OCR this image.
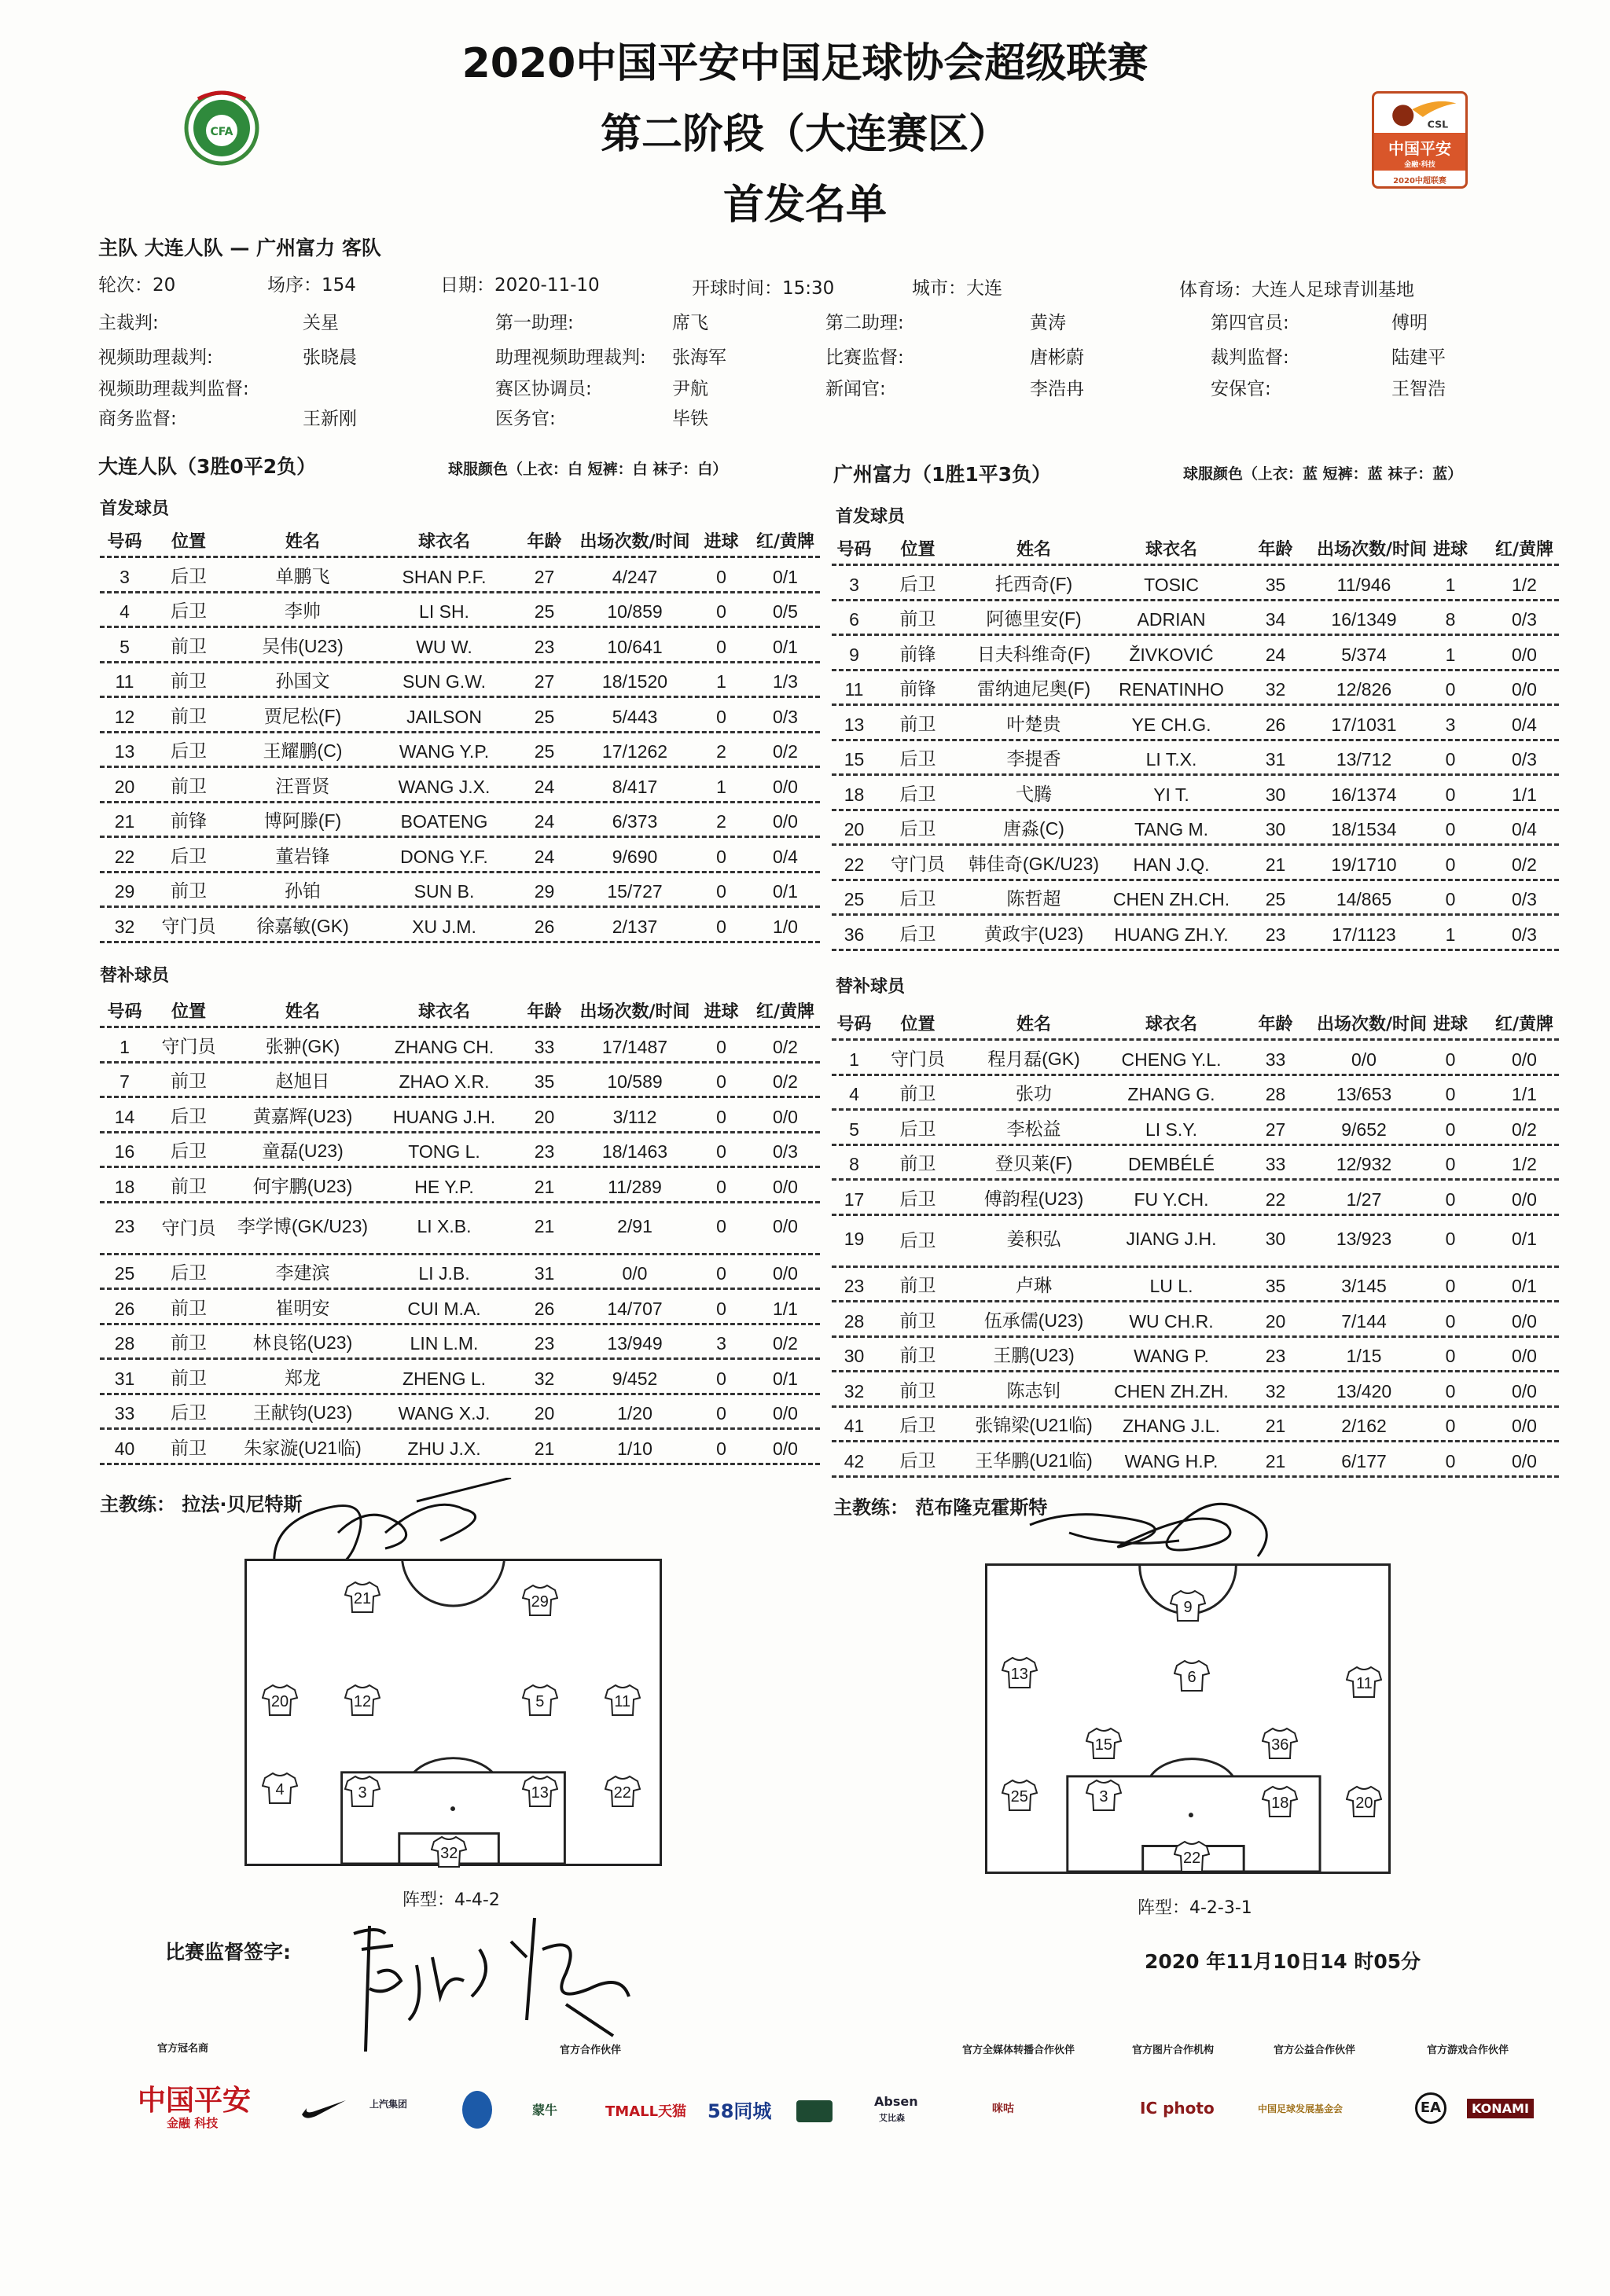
CFA
2020中国平安中国足球协会超级联赛
第二阶段（大连赛区）
首发名单
CSL
中国平安
金融·科技
2020中超联赛
主队 大连人队 — 广州富力 客队
轮次：20	场序：154	日期：2020-11-10	开球时间：15:30	城市：大连	体育场：大连人足球青训基地
主裁判:	关星	第一助理:	席飞	第二助理:	黄涛	第四官员:	傅明
视频助理裁判:	张晓晨	助理视频助理裁判: 张海军	比赛监督:	唐彬蔚	裁判监督:	陆建平
视频助理裁判监督:	赛区协调员:	尹航	新闻官:	李浩冉	安保官:	王智浩
商务监督:	王新刚	医务官:	毕铁
大连人队（3胜0平2负）	球服颜色（上衣：白 短裤：白 袜子：白）	广州富力（1胜1平3负）	球服颜色（上衣：蓝 短裤：蓝 袜子：蓝）
首发球员	首发球员
号码	位置	姓名	球衣名	年龄	出场次数/时间 进球	红/黄牌
3	后卫	单鹏飞	SHAN P.F.	27	4/247	0	0/1
4	后卫	李帅	LI SH.	25	10/859	0	0/5
5	前卫	吴伟(U23)	WU W.	23	10/641	0	0/1
11	前卫	孙国文	SUN G.W.	27	18/1520	1	1/3
12	前卫	贾尼松(F)	JAILSON	25	5/443	0	0/3
13	后卫	王耀鹏(C)	WANG Y.P.	25	17/1262	2	0/2
20	前卫	汪晋贤	WANG J.X.	24	8/417	1	0/0
21	前锋	博阿滕(F)	BOATENG	24	6/373	2	0/0
22	后卫	董岩锋	DONG Y.F.	24	9/690	0	0/4
29	前卫	孙铂	SUN B.	29	15/727	0	0/1
32	守门员	徐嘉敏(GK)	XU J.M.	26	2/137	0	1/0
号码	位置	姓名	球衣名	年龄	出场次数/时间 进球	红/黄牌
3	后卫	托西奇(F)	TOSIC	35	11/946	1	1/2
6	前卫	阿德里安(F)	ADRIAN	34	16/1349	8	0/3
9	前锋	日夫科维奇(F)	ŽIVKOVIĆ	24	5/374	1	0/0
11	前锋	雷纳迪尼奥(F)	RENATINHO	32	12/826	0	0/0
13	前卫	叶楚贵	YE CH.G.	26	17/1031	3	0/4
15	后卫	李提香	LI T.X.	31	13/712	0	0/3
18	后卫	弋腾	YI T.	30	16/1374	0	1/1
20	后卫	唐淼(C)	TANG M.	30	18/1534	0	0/4
22	守门员	韩佳奇(GK/U23)	HAN J.Q.	21	19/1710	0	0/2
25	后卫	陈哲超	CHEN ZH.CH.	25	14/865	0	0/3
36	后卫	黄政宇(U23)	HUANG ZH.Y.	23	17/1123	1	0/3
替补球员
替补球员
号码	位置	姓名	球衣名	年龄	出场次数/时间 进球	红/黄牌
1	守门员	张翀(GK)	ZHANG CH.	33	17/1487	0	0/2
7	前卫	赵旭日	ZHAO X.R.	35	10/589	0	0/2
14	后卫	黄嘉辉(U23)	HUANG J.H.	20	3/112	0	0/0
16	后卫	童磊(U23)	TONG L.	23	18/1463	0	0/3
18	前卫	何宇鹏(U23)	HE Y.P.	21	11/289	0	0/0
23	守门员	李学博(GK/U23)	LI X.B.	21	2/91	0	0/0
25	后卫	李建滨	LI J.B.	31	0/0	0	0/0
26	前卫	崔明安	CUI M.A.	26	14/707	0	1/1
28	前卫	林良铭(U23)	LIN L.M.	23	13/949	3	0/2
31	前卫	郑龙	ZHENG L.	32	9/452	0	0/1
33	后卫	王献钧(U23)	WANG X.J.	20	1/20	0	0/0
40	前卫	朱家漩(U21临)	ZHU J.X.	21	1/10	0	0/0
号码	位置	姓名	球衣名	年龄	出场次数/时间 进球	红/黄牌
1	守门员	程月磊(GK)	CHENG Y.L.	33	0/0	0	0/0
4	前卫	张功	ZHANG G.	28	13/653	0	1/1
5	后卫	李松益	LI S.Y.	27	9/652	0	0/2
8	前卫	登贝莱(F)	DEMBÉLÉ	33	12/932	0	1/2
17	后卫	傅韵程(U23)	FU Y.CH.	22	1/27	0	0/0
19	后卫	姜积弘	JIANG J.H.	30	13/923	0	0/1
23	前卫	卢琳	LU L.	35	3/145	0	0/1
28	前卫	伍承儒(U23)	WU CH.R.	20	7/144	0	0/0
30	前卫	王鹏(U23)	WANG P.	23	1/15	0	0/0
32	前卫	陈志钊	CHEN ZH.ZH.	32	13/420	0	0/0
41	后卫	张锦梁(U21临)	ZHANG J.L.	21	2/162	0	0/0
42	后卫	王华鹏(U21临)	WANG H.P.	21	6/177	0	0/0
主教练： 拉法·贝尼特斯	主教练： 范布隆克霍斯特
21	29
20	12	5	11
4	3	13	22
32
9
13	6	11
15	36
25	3	18	20
22
阵型：4-4-2	阵型：4-2-3-1
比赛监督签字:	2020 年11月10日14 时05分
官方冠名商	官方合作伙伴	官方全媒体转播合作伙伴	官方图片合作机构	官方公益合作伙伴	官方游戏合作伙伴
中国平安
金融 科技
上汽集团	蒙牛	TMALL天猫 58同城	Absen
艾比森
咪咕	IC photo	中国足球发展基金会	EA	KONAMI
